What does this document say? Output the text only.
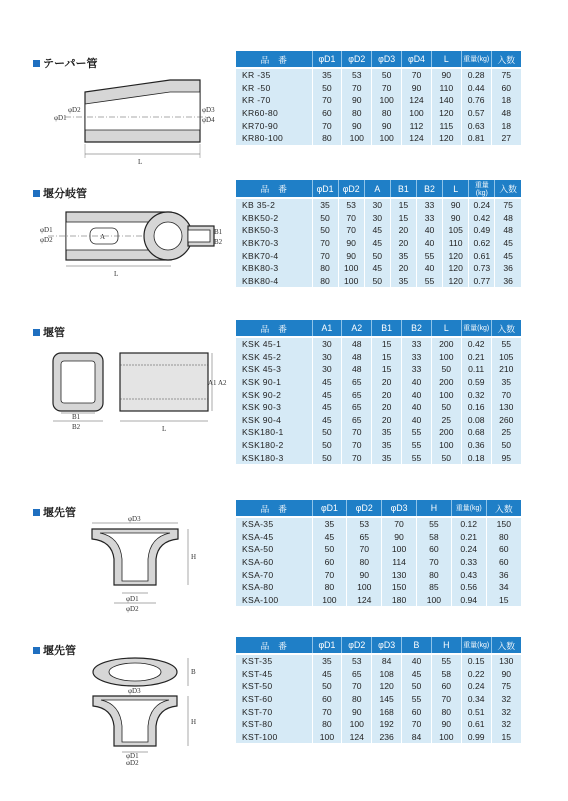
テーパー管
L
φD1
φD2	φD3
φD4
品　番	φD1	φD2	φD3	φD4	L	重量(kg)	入数
KR -35	35	53	50	70	90	0.28	75
KR -50	50	70	70	90	110	0.44	60
KR -70	70	90	100	124	140	0.76	18
KR60-80	60	80	80	100	120	0.57	48
KR70-90	70	90	90	112	115	0.63	18
KR80-100	80	100	100	124	120	0.81	27
堰分岐管
L
φD1
φD2	A
B1
B2
品　番	φD1	φD2	A	B1	B2	L	重量(kg)	入数
KB 35-2	35	53	30	15	33	90	0.24	75
KBK50-2	50	70	30	15	33	90	0.42	48
KBK50-3	50	70	45	20	40	105	0.49	48
KBK70-3	70	90	45	20	40	110	0.62	45
KBK70-4	70	90	50	35	55	120	0.61	45
KBK80-3	80	100	45	20	40	120	0.73	36
KBK80-4	80	100	50	35	55	120	0.77	36
堰管
B1
B2	L
A1 A2
品　番	A1	A2	B1	B2	L	重量(kg)	入数
KSK 45-1	30	48	15	33	200	0.42	55
KSK 45-2	30	48	15	33	100	0.21	105
KSK 45-3	30	48	15	33	50	0.11	210
KSK 90-1	45	65	20	40	200	0.59	35
KSK 90-2	45	65	20	40	100	0.32	70
KSK 90-3	45	65	20	40	50	0.16	130
KSK 90-4	45	65	20	40	25	0.08	260
KSK180-1	50	70	35	55	200	0.68	25
KSK180-2	50	70	35	55	100	0.36	50
KSK180-3	50	70	35	55	50	0.18	95
堰先管	φD3
H
φD1
φD2
品　番	φD1	φD2	φD3	H	重量(kg)	入数
KSA-35	35	53	70	55	0.12	150
KSA-45	45	65	90	58	0.21	80
KSA-50	50	70	100	60	0.24	60
KSA-60	60	80	114	70	0.33	60
KSA-70	70	90	130	80	0.43	36
KSA-80	80	100	150	85	0.56	34
KSA-100	100	124	180	100	0.94	15
堰先管
B
H
φD3
φD1
φD2
品　番	φD1	φD2	φD3	B	H	重量(kg)	入数
KST-35	35	53	84	40	55	0.15	130
KST-45	45	65	108	45	58	0.22	90
KST-50	50	70	120	50	60	0.24	75
KST-60	60	80	145	55	70	0.34	32
KST-70	70	90	168	60	80	0.51	32
KST-80	80	100	192	70	90	0.61	32
KST-100	100	124	236	84	100	0.99	15
